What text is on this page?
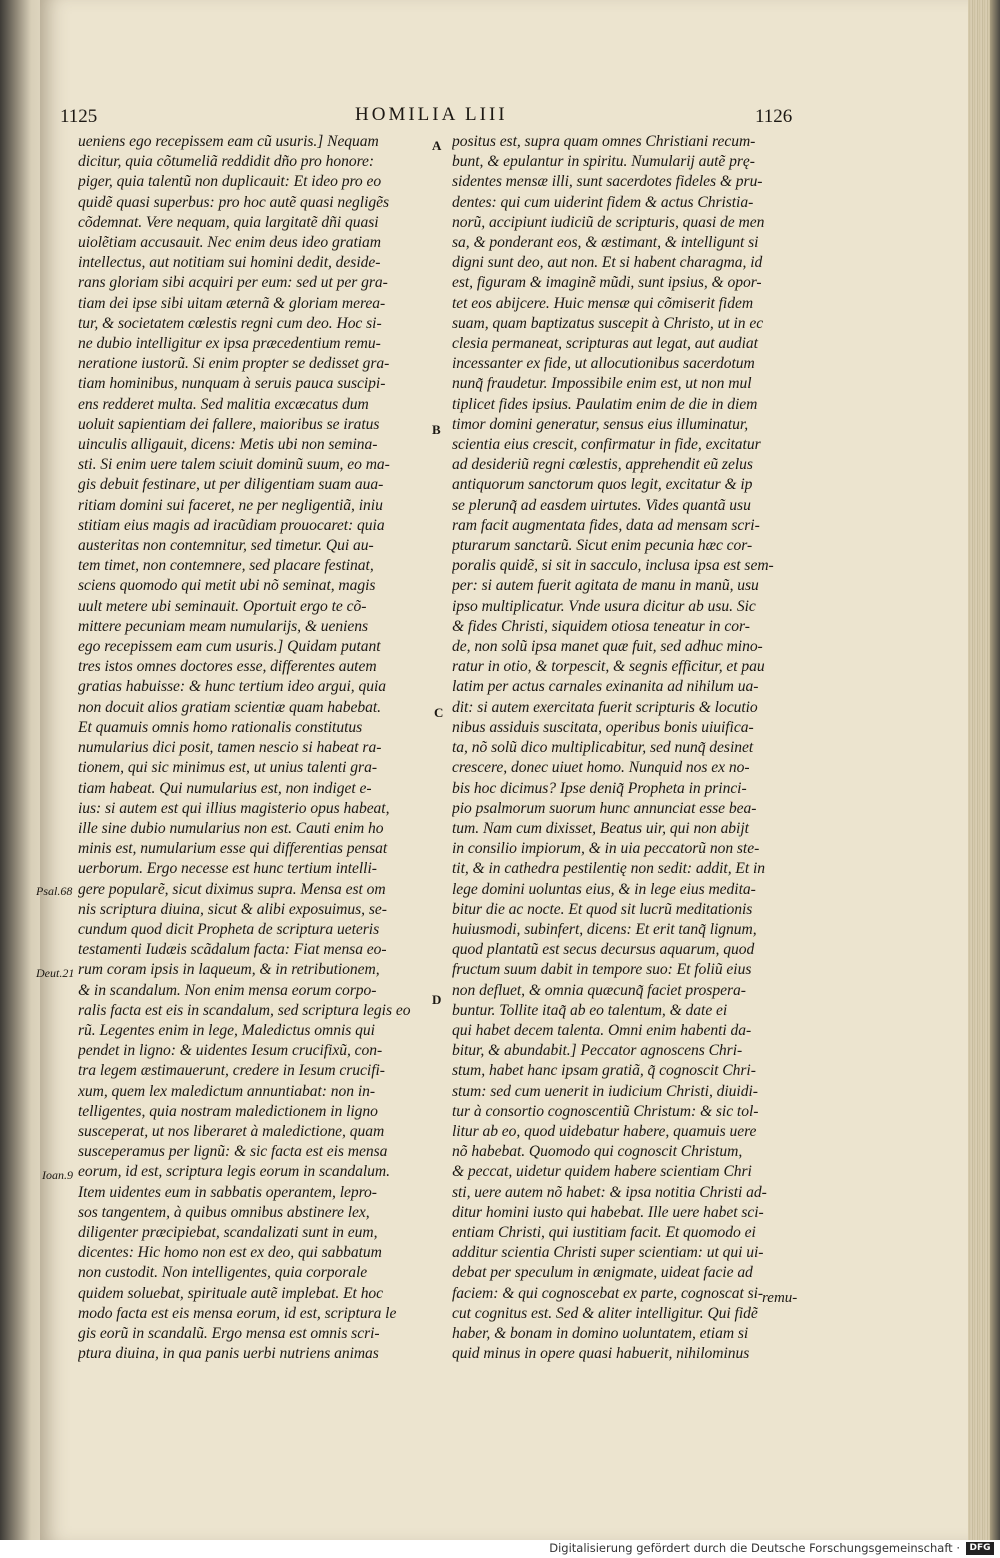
1125	HOMILIA LIII	1126
ueniens ego recepissem eam cũ usuris.] Nequam
dicitur, quia cõtumeliã reddidit dño pro honore:
piger, quia talentũ non duplicauit: Et ideo pro eo
quidẽ quasi superbus: pro hoc autẽ quasi negligẽs
cõdemnat. Vere nequam, quia largitatẽ dñi quasi
uiolẽtiam accusauit. Nec enim deus ideo gratiam
intellectus, aut notitiam sui homini dedit, deside-
rans gloriam sibi acquiri per eum: sed ut per gra-
tiam dei ipse sibi uitam æternã & gloriam merea-
tur, & societatem cœlestis regni cum deo. Hoc si-
ne dubio intelligitur ex ipsa præcedentium remu-
neratione iustorũ. Si enim propter se dedisset gra-
tiam hominibus, nunquam à seruis pauca suscipi-
ens redderet multa. Sed malitia excæcatus dum
uoluit sapientiam dei fallere, maioribus se iratus
uinculis alligauit, dicens: Metis ubi non semina-
sti. Si enim uere talem sciuit dominũ suum, eo ma-
gis debuit festinare, ut per diligentiam suam aua-
ritiam domini sui faceret, ne per negligentiã, iniu
stitiam eius magis ad iracũdiam prouocaret: quia
austeritas non contemnitur, sed timetur. Qui au-
tem timet, non contemnere, sed placare festinat,
sciens quomodo qui metit ubi nõ seminat, magis
uult metere ubi seminauit. Oportuit ergo te cõ-
mittere pecuniam meam numularijs, & ueniens
ego recepissem eam cum usuris.] Quidam putant
tres istos omnes doctores esse, differentes autem
gratias habuisse: & hunc tertium ideo argui, quia
non docuit alios gratiam scientiæ quam habebat.
Et quamuis omnis homo rationalis constitutus
numularius dici posit, tamen nescio si habeat ra-
tionem, qui sic minimus est, ut unius talenti gra-
tiam habeat. Qui numularius est, non indiget e-
ius: si autem est qui illius magisterio opus habeat,
ille sine dubio numularius non est. Cauti enim ho
minis est, numularium esse qui differentias pensat
uerborum. Ergo necesse est hunc tertium intelli-
gere popularẽ, sicut diximus supra. Mensa est om
nis scriptura diuina, sicut & alibi exposuimus, se-
cundum quod dicit Propheta de scriptura ueteris
testamenti Iudæis scãdalum facta: Fiat mensa eo-
rum coram ipsis in laqueum, & in retributionem,
& in scandalum. Non enim mensa eorum corpo-
ralis facta est eis in scandalum, sed scriptura legis eo
rũ. Legentes enim in lege, Maledictus omnis qui
pendet in ligno: & uidentes Iesum crucifixũ, con-
tra legem æstimauerunt, credere in Iesum crucifi-
xum, quem lex maledictum annuntiabat: non in-
telligentes, quia nostram maledictionem in ligno
susceperat, ut nos liberaret à maledictione, quam
susceperamus per lignũ: & sic facta est eis mensa
eorum, id est, scriptura legis eorum in scandalum.
Item uidentes eum in sabbatis operantem, lepro-
sos tangentem, à quibus omnibus abstinere lex,
diligenter præcipiebat, scandalizati sunt in eum,
dicentes: Hic homo non est ex deo, qui sabbatum
non custodit. Non intelligentes, quia corporale
quidem soluebat, spirituale autẽ implebat. Et hoc
modo facta est eis mensa eorum, id est, scriptura le
gis eorũ in scandalũ. Ergo mensa est omnis scri-
ptura diuina, in qua panis uerbi nutriens animas
positus est, supra quam omnes Christiani recum-
bunt, & epulantur in spiritu. Numularij autẽ prę-
sidentes mensæ illi, sunt sacerdotes fideles & pru-
dentes: qui cum uiderint fidem & actus Christia-
norũ, accipiunt iudiciũ de scripturis, quasi de men
sa, & ponderant eos, & æstimant, & intelligunt si
digni sunt deo, aut non. Et si habent charagma, id
est, figuram & imaginẽ mũdi, sunt ipsius, & opor-
tet eos abijcere. Huic mensæ qui cõmiserit fidem
suam, quam baptizatus suscepit à Christo, ut in ec
clesia permaneat, scripturas aut legat, aut audiat
incessanter ex fide, ut allocutionibus sacerdotum
nunq̃ fraudetur. Impossibile enim est, ut non mul
tiplicet fides ipsius. Paulatim enim de die in diem
timor domini generatur, sensus eius illuminatur,
scientia eius crescit, confirmatur in fide, excitatur
ad desideriũ regni cœlestis, apprehendit eũ zelus
antiquorum sanctorum quos legit, excitatur & ip
se plerunq̃ ad easdem uirtutes. Vides quantã usu
ram facit augmentata fides, data ad mensam scri-
pturarum sanctarũ. Sicut enim pecunia hæc cor-
poralis quidẽ, si sit in sacculo, inclusa ipsa est sem-
per: si autem fuerit agitata de manu in manũ, usu
ipso multiplicatur. Vnde usura dicitur ab usu. Sic
& fides Christi, siquidem otiosa teneatur in cor-
de, non solũ ipsa manet quæ fuit, sed adhuc mino-
ratur in otio, & torpescit, & segnis efficitur, et pau
latim per actus carnales exinanita ad nihilum ua-
dit: si autem exercitata fuerit scripturis & locutio
nibus assiduis suscitata, operibus bonis uiuifica-
ta, nõ solũ dico multiplicabitur, sed nunq̃ desinet
crescere, donec uiuet homo. Nunquid nos ex no-
bis hoc dicimus? Ipse deniq̃ Propheta in princi-
pio psalmorum suorum hunc annunciat esse bea-
tum. Nam cum dixisset, Beatus uir, qui non abijt
in consilio impiorum, & in uia peccatorũ non ste-
tit, & in cathedra pestilentię non sedit: addit, Et in
lege domini uoluntas eius, & in lege eius medita-
bitur die ac nocte. Et quod sit lucrũ meditationis
huiusmodi, subinfert, dicens: Et erit tanq̃ lignum,
quod plantatũ est secus decursus aquarum, quod
fructum suum dabit in tempore suo: Et foliũ eius
non defluet, & omnia quæcunq̃ faciet prospera-
buntur. Tollite itaq̃ ab eo talentum, & date ei
qui habet decem talenta. Omni enim habenti da-
bitur, & abundabit.] Peccator agnoscens Chri-
stum, habet hanc ipsam gratiã, q̃ cognoscit Chri-
stum: sed cum uenerit in iudicium Christi, diuidi-
tur à consortio cognoscentiũ Christum: & sic tol-
litur ab eo, quod uidebatur habere, quamuis uere
nõ habebat. Quomodo qui cognoscit Christum,
& peccat, uidetur quidem habere scientiam Chri
sti, uere autem nõ habet: & ipsa notitia Christi ad-
ditur homini iusto qui habebat. Ille uere habet sci-
entiam Christi, qui iustitiam facit. Et quomodo ei
additur scientia Christi super scientiam: ut qui ui-
debat per speculum in ænigmate, uideat facie ad
faciem: & qui cognoscebat ex parte, cognoscat si-
cut cognitus est. Sed & aliter intelligitur. Qui fidẽ
haber, & bonam in domino uoluntatem, etiam si
quid minus in opere quasi habuerit, nihilominus
A
B
C
D
Psal.68
Deut.21
Ioan.9
remu-
Digitalisierung gefördert durch die Deutsche Forschungsgemeinschaft ·	DFG
